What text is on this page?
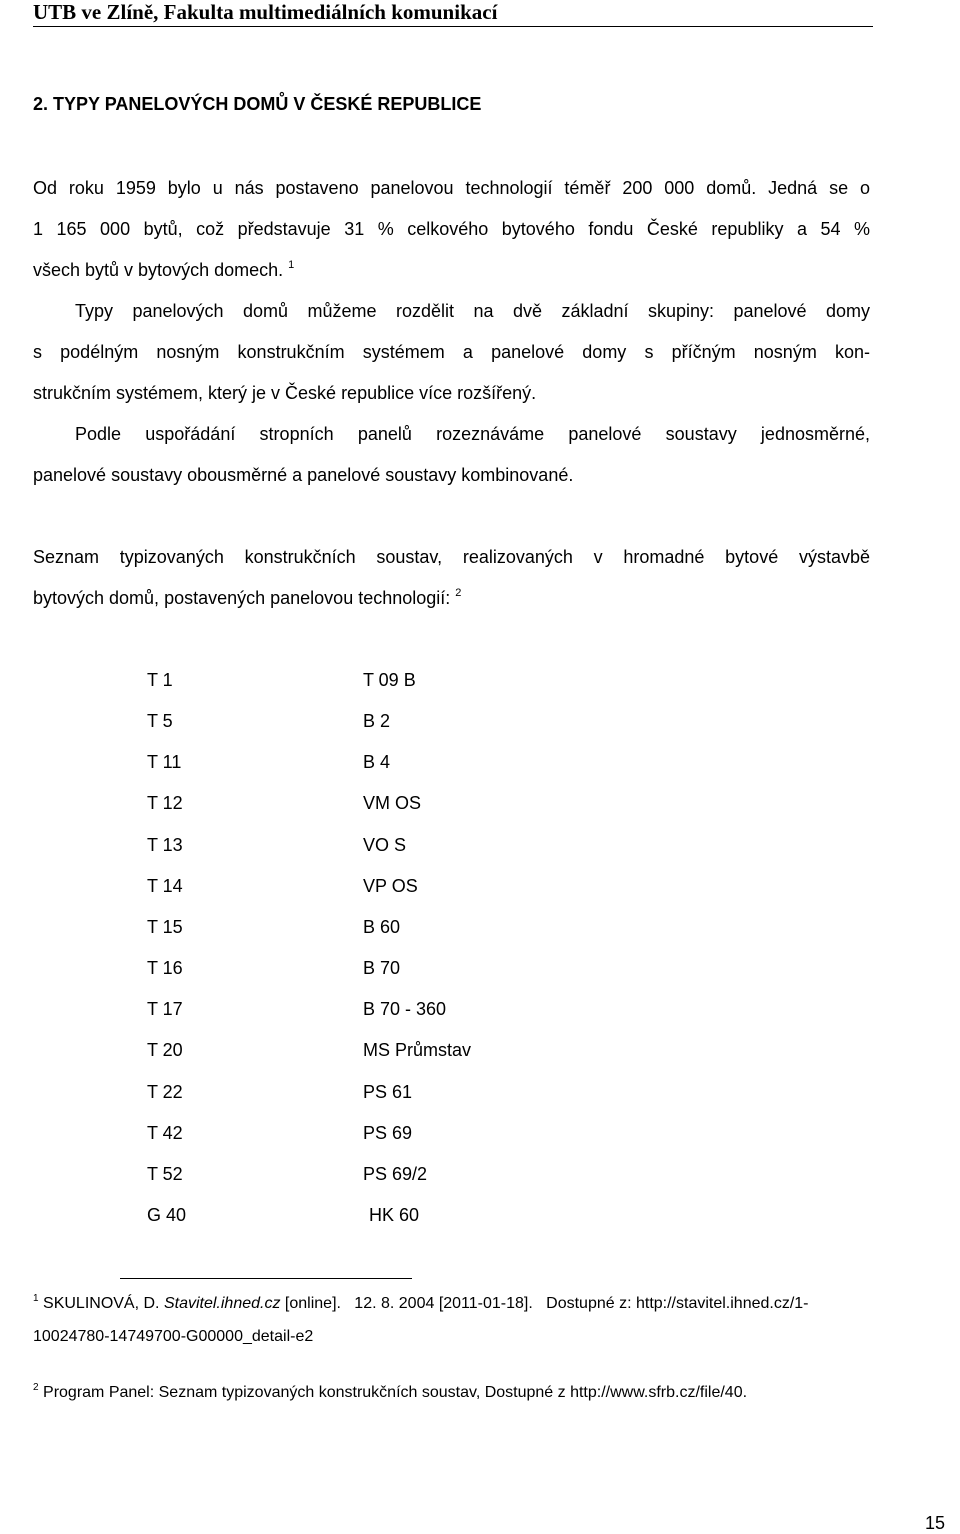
UTB ve Zlíně, Fakulta multimediálních komunikací
2. TYPY PANELOVÝCH DOMŮ V ČESKÉ REPUBLICE
Od roku 1959 bylo u nás postaveno panelovou technologií téměř 200 000 domů. Jedná se o
1 165 000 bytů, což představuje 31 % celkového bytového fondu České republiky a 54 %
všech bytů v bytových domech. $^1$
Typy panelových domů můžeme rozdělit na dvě základní skupiny: panelové domy
s podélným nosným konstrukčním systémem a panelové domy s příčným nosným kon-
strukčním systémem, který je v České republice více rozšířený.
Podle uspořádání stropních panelů rozeznáváme panelové soustavy jednosměrné,
panelové soustavy obousměrné a panelové soustavy kombinované.
Seznam typizovaných konstrukčních soustav, realizovaných v hromadné bytové výstavbě
bytových domů, postavených panelovou technologií: $^2$
T 1
T 5
T 11
T 12
T 13
T 14
T 15
T 16
T 17
T 20
T 22
T 42
T 52
G 40
T 09 B
B 2
B 4
VM OS
VO S
VP OS
B 60
B 70
B 70 - 360
MS Průmstav
PS 61
PS 69
PS 69/2
HK 60
$^1$ SKULINOVÁ, D. Stavitel.ihned.cz [online].   12. 8. 2004 [2011-01-18].   Dostupné z: http://stavitel.ihned.cz/1-
10024780-14749700-G00000_detail-e2
$^2$ Program Panel: Seznam typizovaných konstrukčních soustav, Dostupné z http://www.sfrb.cz/file/40.
15
